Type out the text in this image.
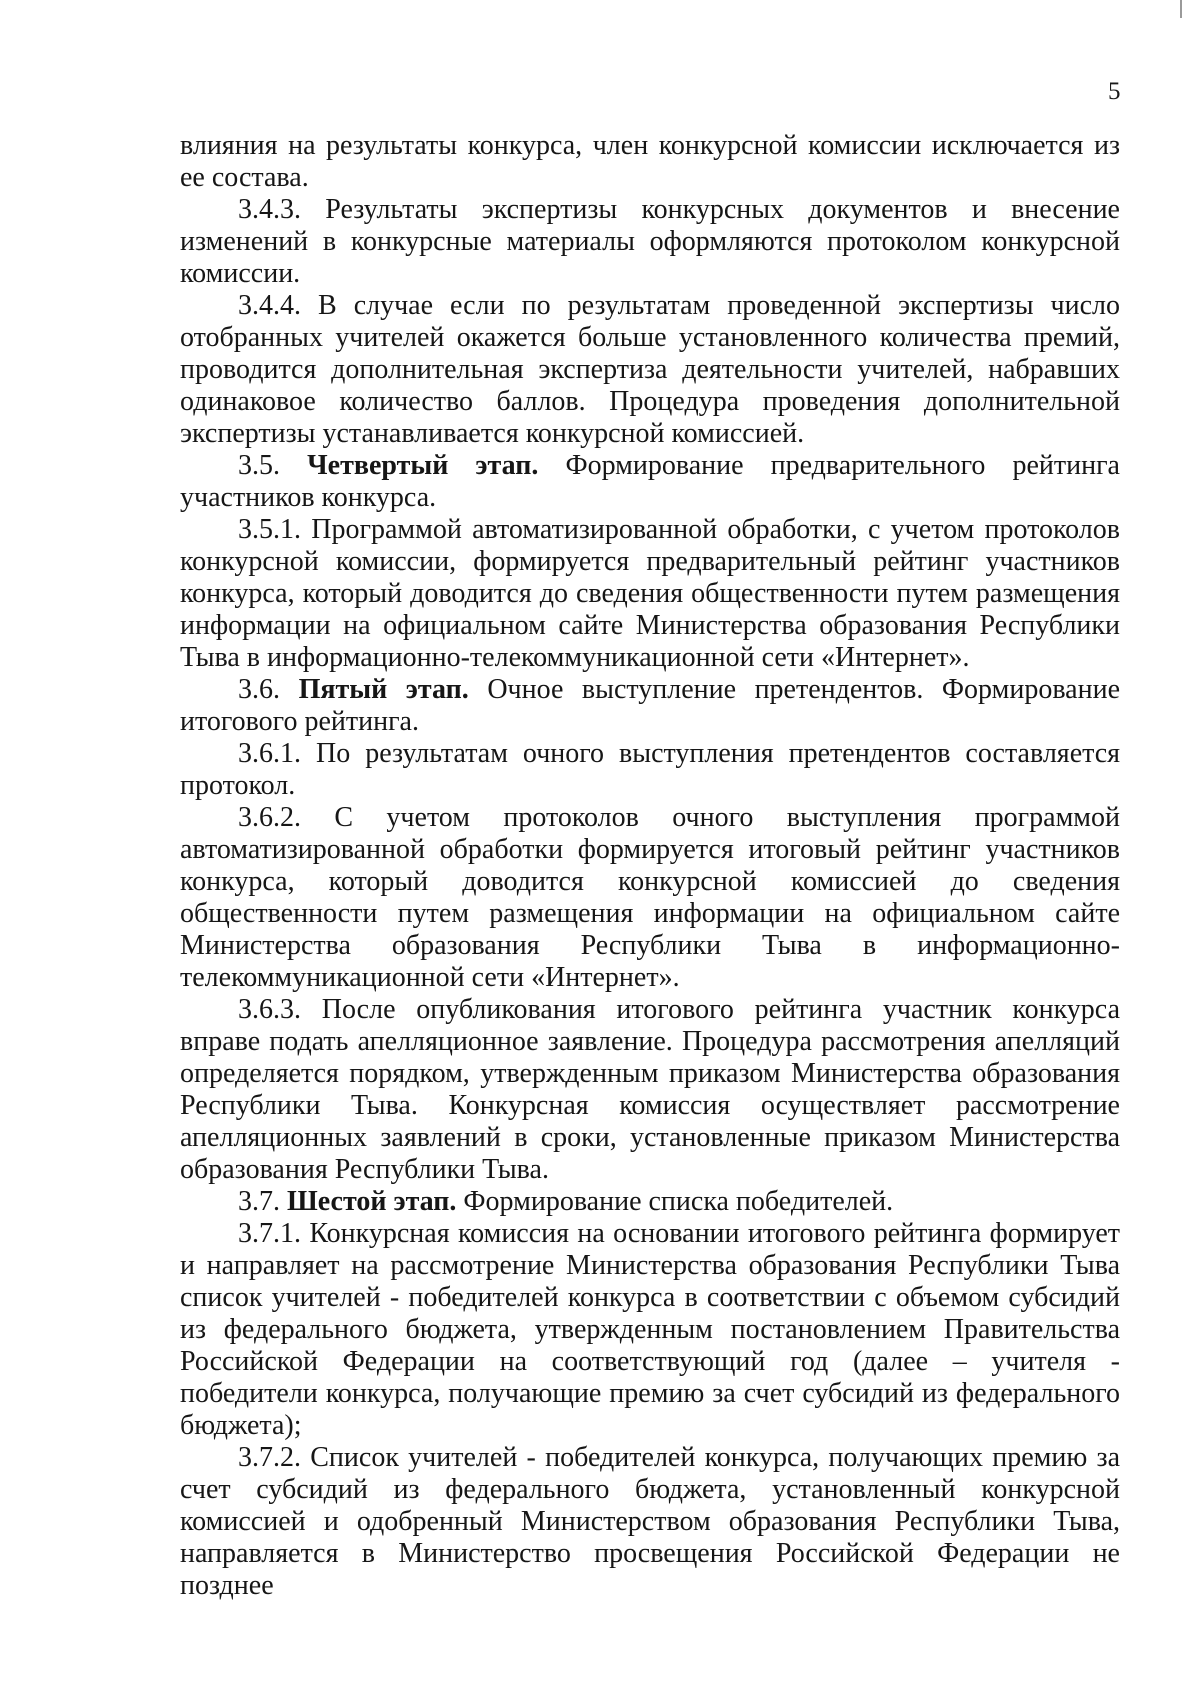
5

влияния на результаты конкурса, член конкурсной комиссии исключается из ее состава.

3.4.3. Результаты экспертизы конкурсных документов и внесение изменений в конкурсные материалы оформляются протоколом конкурсной комиссии.

3.4.4. В случае если по результатам проведенной экспертизы число отобранных учителей окажется больше установленного количества премий, проводится дополнительная экспертиза деятельности учителей, набравших одинаковое количество баллов. Процедура проведения дополнительной экспертизы устанавливается конкурсной комиссией.

3.5. Четвертый этап. Формирование предварительного рейтинга участников конкурса.

3.5.1. Программой автоматизированной обработки, с учетом протоколов конкурсной комиссии, формируется предварительный рейтинг участников конкурса, который доводится до сведения общественности путем размещения информации на официальном сайте Министерства образования Республики Тыва в информационно-телекоммуникационной сети «Интернет».

3.6. Пятый этап. Очное выступление претендентов. Формирование итогового рейтинга.

3.6.1. По результатам очного выступления претендентов составляется протокол.

3.6.2. С учетом протоколов очного выступления программой автоматизированной обработки формируется итоговый рейтинг участников конкурса, который доводится конкурсной комиссией до сведения общественности путем размещения информации на официальном сайте Министерства образования Республики Тыва в информационно-телекоммуникационной сети «Интернет».

3.6.3. После опубликования итогового рейтинга участник конкурса вправе подать апелляционное заявление. Процедура рассмотрения апелляций определяется порядком, утвержденным приказом Министерства образования Республики Тыва. Конкурсная комиссия осуществляет рассмотрение апелляционных заявлений в сроки, установленные приказом Министерства образования Республики Тыва.

3.7. Шестой этап. Формирование списка победителей.

3.7.1. Конкурсная комиссия на основании итогового рейтинга формирует и направляет на рассмотрение Министерства образования Республики Тыва список учителей - победителей конкурса в соответствии с объемом субсидий из федерального бюджета, утвержденным постановлением Правительства Российской Федерации на соответствующий год (далее – учителя - победители конкурса, получающие премию за счет субсидий из федерального бюджета);

3.7.2. Список учителей - победителей конкурса, получающих премию за счет субсидий из федерального бюджета, установленный конкурсной комиссией и одобренный Министерством образования Республики Тыва, направляется в Министерство просвещения Российской Федерации не позднее
